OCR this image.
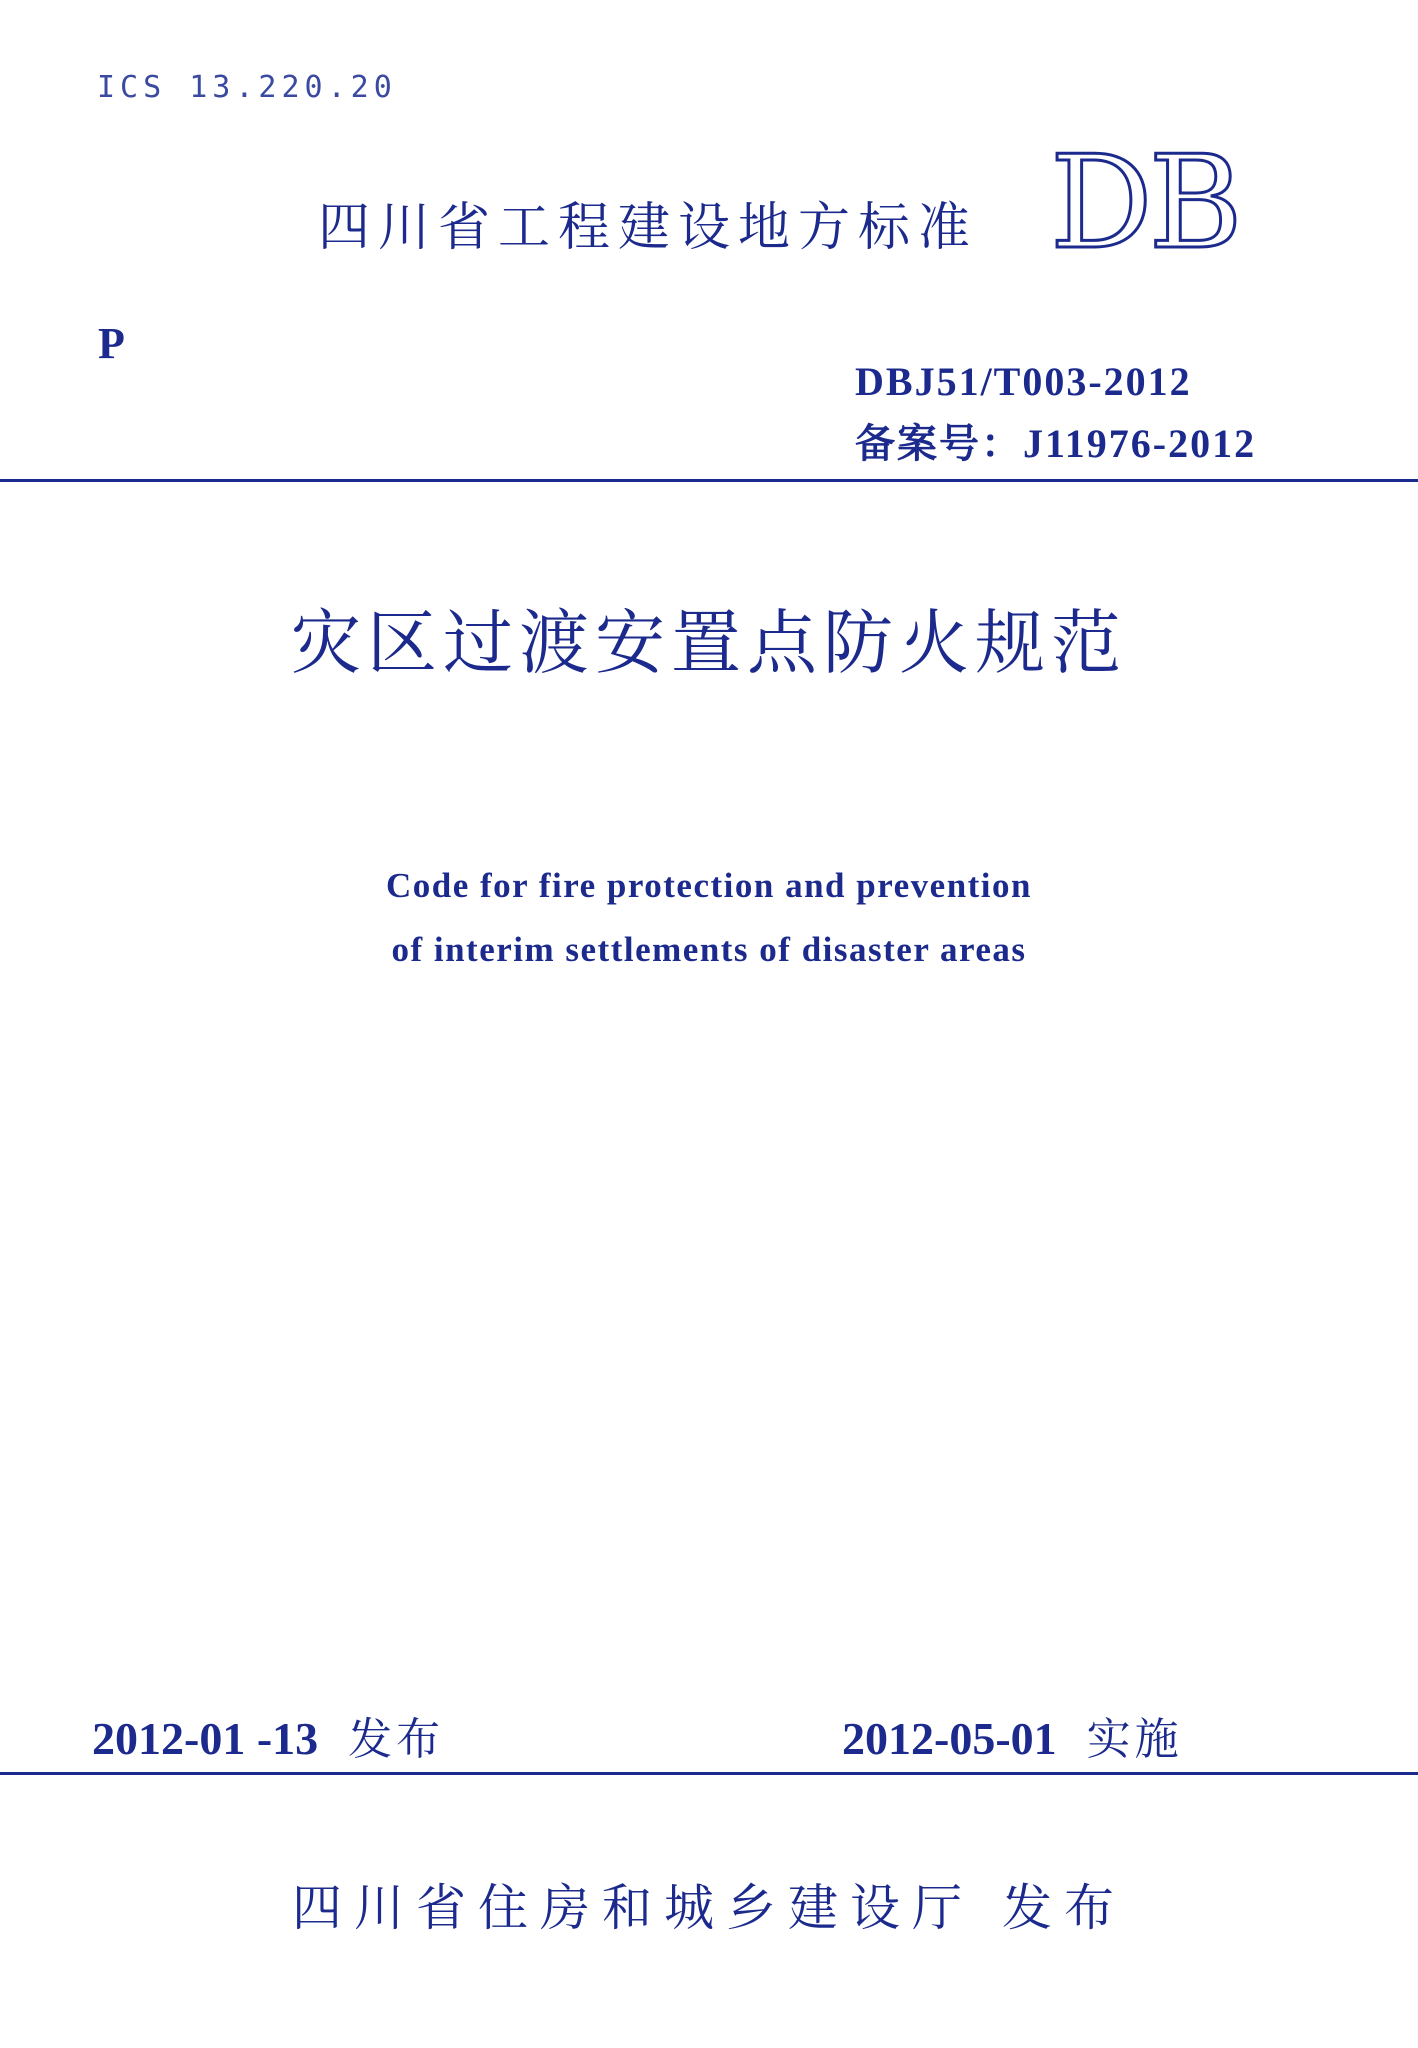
ICS 13.220.20
四川省工程建设地方标准 DB
P
DBJ51/T003-2012
备案号：J11976-2012
灾区过渡安置点防火规范
Code for fire protection and prevention
of interim settlements of disaster areas
2012-01 -13 发布	2012-05-01 实施
四川省住房和城乡建设厅 发布
